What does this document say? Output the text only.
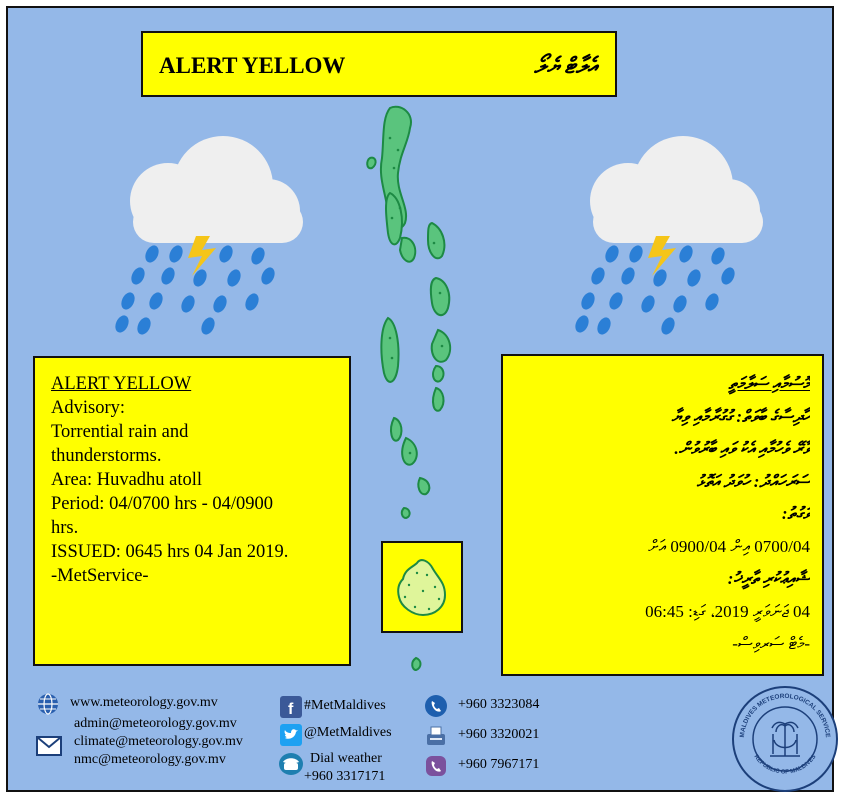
ALERT YELLOW	އެލާޓް ޔެލޯ
ALERT YELLOW
Advisory:
Torrential rain and
thunderstorms.
Area: Huvadhu atoll
Period: 04/0700 hrs - 04/0900
hrs.
ISSUED: 0645 hrs 04 Jan 2019.
-MetService-
މޫސުމާއި ސަލާމަތީ
ހާދިސާގެ ބާވަތް: ގުގުރާމާއި ވިޔާ
ވާރޭ ވެހުމާއި އެކު ވައި ބާރުވުން.
ސަރަހައްދު: ހުވަދު އަތޮޅު
ވަގުތު:
0700/04 އިން 0900/04 އަށް
ޝާއިޢުކުރި ތާރީޚު:
04 ޖަނަވަރީ 2019، ގަޑި: 06:45
-މެޓް ސަރވިސް-
www.meteorology.gov.mv
admin@meteorology.gov.mv
climate@meteorology.gov.mv
nmc@meteorology.gov.mv
f #MetMaldives
@MetMaldives
Dial weather
+960 3317171
+960 3323084
+960 3320021
+960 7967171
MALDIVES METEOROLOGICAL SERVICE
REPUBLIC OF MALDIVES
